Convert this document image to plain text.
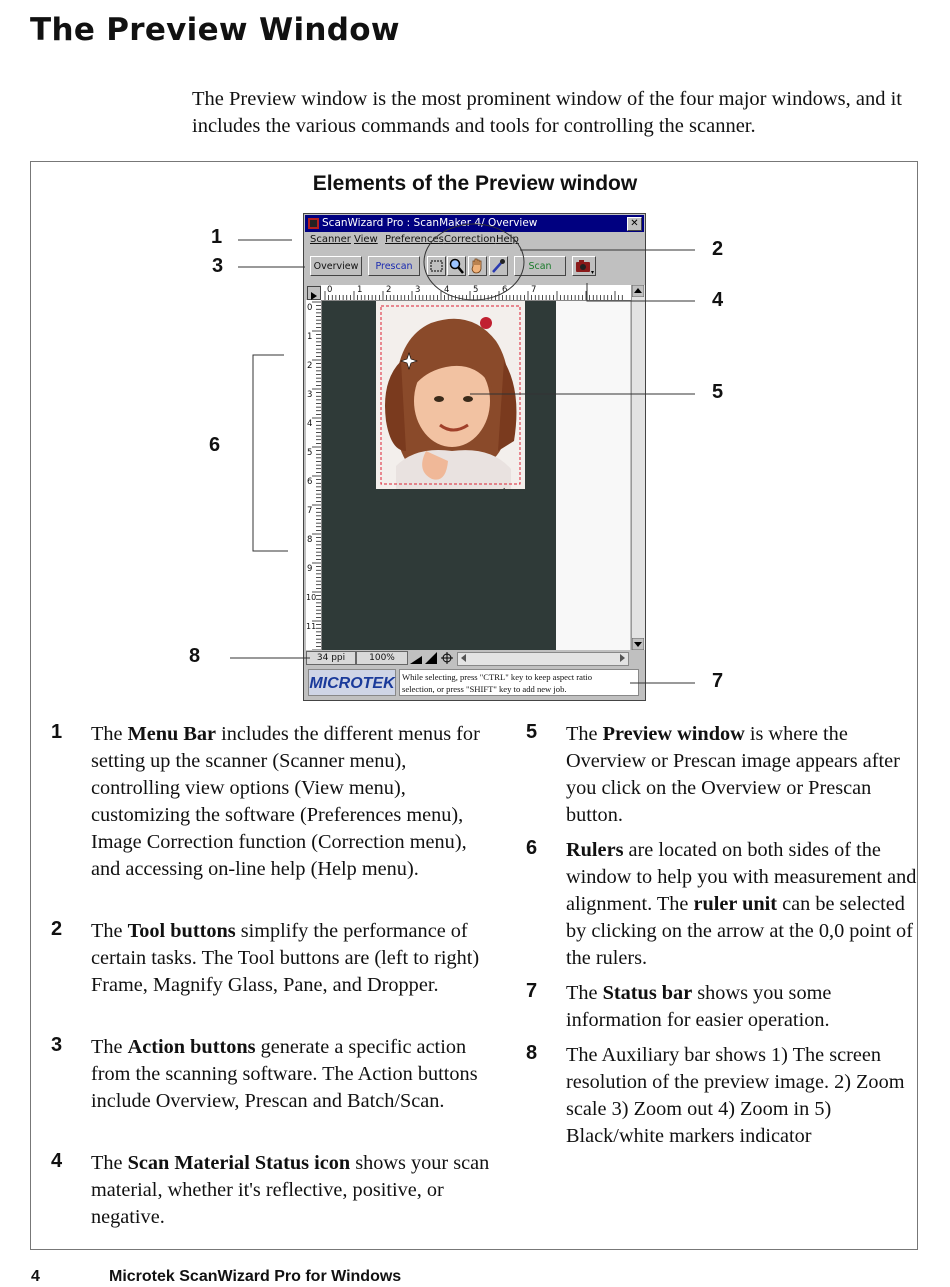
The Preview Window

The Preview window is the most prominent window of the four major windows, and it includes the various commands and tools for controlling the scanner.

Elements of the Preview window
ScanWizard Pro : ScanMaker 4/ Overview	✕
Scanner View Preferences Correction Help
Overview	Prescan	Scan
0	1	2	3	4	5	6	7
0
1
2
3
4
5
6
7
8
9
10
11
34 ppi	100%
MICROTEK While selecting, press "CTRL" key to keep aspect ratio
selection, or press "SHIFT" key to add new job.
1
2
3
4
5
6
7
8
1 The Menu Bar includes the different menus for setting up the scanner (Scanner menu), controlling view options (View menu), customizing the software (Preferences menu), Image Correction function (Correction menu), and accessing on-line help (Help menu).
2 The Tool buttons simplify the performance of certain tasks. The Tool buttons are (left to right) Frame, Magnify Glass, Pane, and Dropper.
3 The Action buttons generate a specific action from the scanning software. The Action buttons include Overview, Prescan and Batch/Scan.
4 The Scan Material Status icon shows your scan material, whether it's reflective, positive, or negative.
5 The Preview window is where the Overview or Prescan image appears after you click on the Overview or Prescan button.
6 Rulers are located on both sides of the window to help you with measurement and alignment. The ruler unit can be selected by clicking on the arrow at the 0,0 point of the rulers.
7 The Status bar shows you some information for easier operation.
8 The Auxiliary bar shows 1) The screen resolution of the preview image. 2) Zoom scale 3) Zoom out 4) Zoom in 5) Black/white markers indicator
4	Microtek ScanWizard Pro for Windows
